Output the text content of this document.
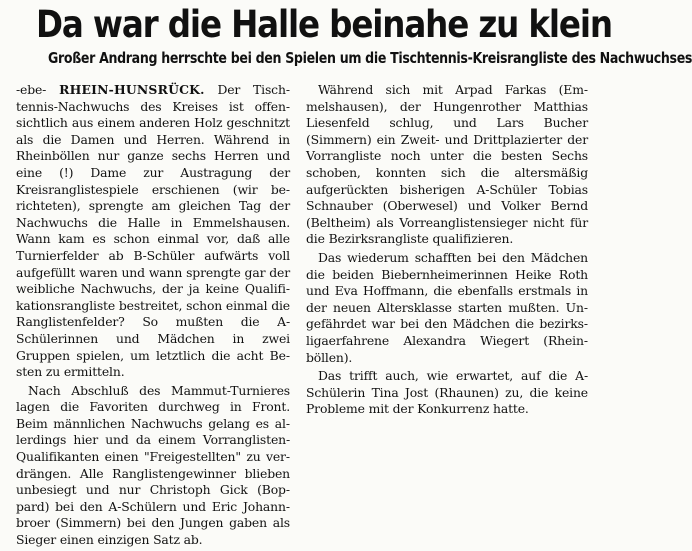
Da war die Halle beinahe zu klein
Großer Andrang herrschte bei den Spielen um die Tischtennis-Kreisrangliste des Nachwuchses

-ebe- RHEIN-HUNSRÜCK. Der Tischtennis-Nachwuchs des Kreises ist offensichtlich aus einem anderen Holz geschnitzt als die Damen und Herren. Während in Rheinböllen nur ganze sechs Herren und eine (!) Dame zur Austragung der Kreisranglistespiele erschienen (wir berichteten), sprengte am gleichen Tag der Nachwuchs die Halle in Emmelshausen. Wann kam es schon einmal vor, daß alle Turnierfelder ab B-Schüler aufwärts voll aufgefüllt waren und wann sprengte gar der weibliche Nachwuchs, der ja keine Qualifikationsrangliste bestreitet, schon einmal die Ranglistenfelder? So mußten die A-Schülerinnen und Mädchen in zwei Gruppen spielen, um letztlich die acht Besten zu ermitteln.

Nach Abschluß des Mammut-Turnieres lagen die Favoriten durchweg in Front. Beim männlichen Nachwuchs gelang es allerdings hier und da einem Vorranglisten-Qualifikanten einen "Freigestellten" zu verdrängen. Alle Ranglistengewinner blieben unbesiegt und nur Christoph Gick (Boppard) bei den A-Schülern und Eric Johannbroer (Simmern) bei den Jungen gaben als Sieger einen einzigen Satz ab.

Während sich mit Arpad Farkas (Emmelshausen), der Hungenrother Matthias Liesenfeld schlug, und Lars Bucher (Simmern) ein Zweit- und Drittplazierter der Vorrangliste noch unter die besten Sechs schoben, konnten sich die altersmäßig aufgerückten bisherigen A-Schüler Tobias Schnauber (Oberwesel) und Volker Bernd (Beltheim) als Vorreanglistensieger nicht für die Bezirksrangliste qualifizieren.

Das wiederum schafften bei den Mädchen die beiden Biebernheimerinnen Heike Roth und Eva Hoffmann, die ebenfalls erstmals in der neuen Altersklasse starten mußten. Ungefährdet war bei den Mädchen die bezirksligaerfahrene Alexandra Wiegert (Rheinböllen).

Das trifft auch, wie erwartet, auf die A-Schülerin Tina Jost (Rhaunen) zu, die keine Probleme mit der Konkurrenz hatte.
